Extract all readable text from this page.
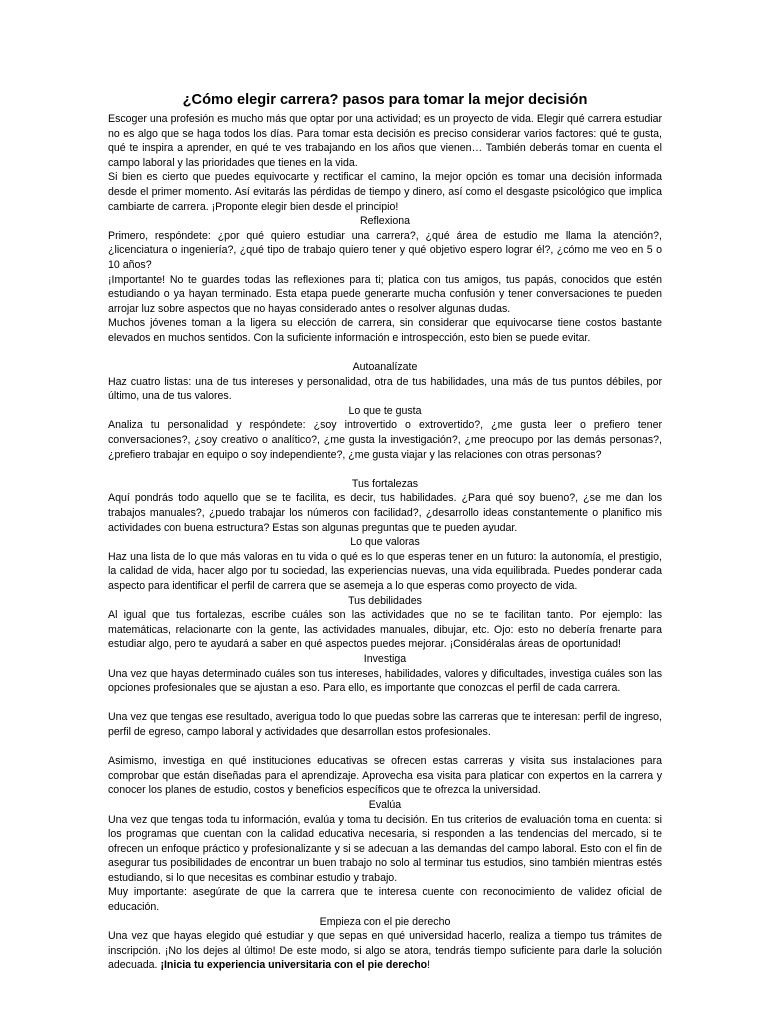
¿Cómo elegir carrera? pasos para tomar la mejor decisión

Escoger una profesión es mucho más que optar por una actividad; es un proyecto de vida. Elegir qué carrera estudiar no es algo que se haga todos los días. Para tomar esta decisión es preciso considerar varios factores: qué te gusta, qué te inspira a aprender, en qué te ves trabajando en los años que vienen… También deberás tomar en cuenta el campo laboral y las prioridades que tienes en la vida.

Si bien es cierto que puedes equivocarte y rectificar el camino, la mejor opción es tomar una decisión informada desde el primer momento. Así evitarás las pérdidas de tiempo y dinero, así como el desgaste psicológico que implica cambiarte de carrera. ¡Proponte elegir bien desde el principio!

Reflexiona

Primero, respóndete: ¿por qué quiero estudiar una carrera?, ¿qué área de estudio me llama la atención?, ¿licenciatura o ingeniería?, ¿qué tipo de trabajo quiero tener y qué objetivo espero lograr él?, ¿cómo me veo en 5 o 10 años?

¡Importante! No te guardes todas las reflexiones para ti; platica con tus amigos, tus papás, conocidos que estén estudiando o ya hayan terminado. Esta etapa puede generarte mucha confusión y tener conversaciones te pueden arrojar luz sobre aspectos que no hayas considerado antes o resolver algunas dudas.

Muchos jóvenes toman a la ligera su elección de carrera, sin considerar que equivocarse tiene costos bastante elevados en muchos sentidos. Con la suficiente información e introspección, esto bien se puede evitar.

Autoanalízate

Haz cuatro listas: una de tus intereses y personalidad, otra de tus habilidades, una más de tus puntos débiles, por último, una de tus valores.

Lo que te gusta

Analiza tu personalidad y respóndete: ¿soy introvertido o extrovertido?, ¿me gusta leer o prefiero tener conversaciones?, ¿soy creativo o analítico?, ¿me gusta la investigación?, ¿me preocupo por las demás personas?, ¿prefiero trabajar en equipo o soy independiente?, ¿me gusta viajar y las relaciones con otras personas?

Tus fortalezas

Aquí pondrás todo aquello que se te facilita, es decir, tus habilidades. ¿Para qué soy bueno?, ¿se me dan los trabajos manuales?, ¿puedo trabajar los números con facilidad?, ¿desarrollo ideas constantemente o planifico mis actividades con buena estructura? Estas son algunas preguntas que te pueden ayudar.

Lo que valoras

Haz una lista de lo que más valoras en tu vida o qué es lo que esperas tener en un futuro: la autonomía, el prestigio, la calidad de vida, hacer algo por tu sociedad, las experiencias nuevas, una vida equilibrada. Puedes ponderar cada aspecto para identificar el perfil de carrera que se asemeja a lo que esperas como proyecto de vida.

Tus debilidades

Al igual que tus fortalezas, escribe cuáles son las actividades que no se te facilitan tanto. Por ejemplo: las matemáticas, relacionarte con la gente, las actividades manuales, dibujar, etc. Ojo: esto no debería frenarte para estudiar algo, pero te ayudará a saber en qué aspectos puedes mejorar. ¡Considéralas áreas de oportunidad!

Investiga

Una vez que hayas determinado cuáles son tus intereses, habilidades, valores y dificultades, investiga cuáles son las opciones profesionales que se ajustan a eso. Para ello, es importante que conozcas el perfil de cada carrera.

Una vez que tengas ese resultado, averigua todo lo que puedas sobre las carreras que te interesan: perfil de ingreso, perfil de egreso, campo laboral y actividades que desarrollan estos profesionales.

Asimismo, investiga en qué instituciones educativas se ofrecen estas carreras y visita sus instalaciones para comprobar que están diseñadas para el aprendizaje. Aprovecha esa visita para platicar con expertos en la carrera y conocer los planes de estudio, costos y beneficios específicos que te ofrezca la universidad.

Evalúa

Una vez que tengas toda tu información, evalúa y toma tu decisión. En tus criterios de evaluación toma en cuenta: si los programas que cuentan con la calidad educativa necesaria, si responden a las tendencias del mercado, si te ofrecen un enfoque práctico y profesionalizante y si se adecuan a las demandas del campo laboral. Esto con el fin de asegurar tus posibilidades de encontrar un buen trabajo no solo al terminar tus estudios, sino también mientras estés estudiando, si lo que necesitas es combinar estudio y trabajo.

Muy importante: asegúrate de que la carrera que te interesa cuente con reconocimiento de validez oficial de educación.

Empieza con el pie derecho

Una vez que hayas elegido qué estudiar y que sepas en qué universidad hacerlo, realiza a tiempo tus trámites de inscripción. ¡No los dejes al último! De este modo, si algo se atora, tendrás tiempo suficiente para darle la solución adecuada. ¡Inicia tu experiencia universitaria con el pie derecho!
